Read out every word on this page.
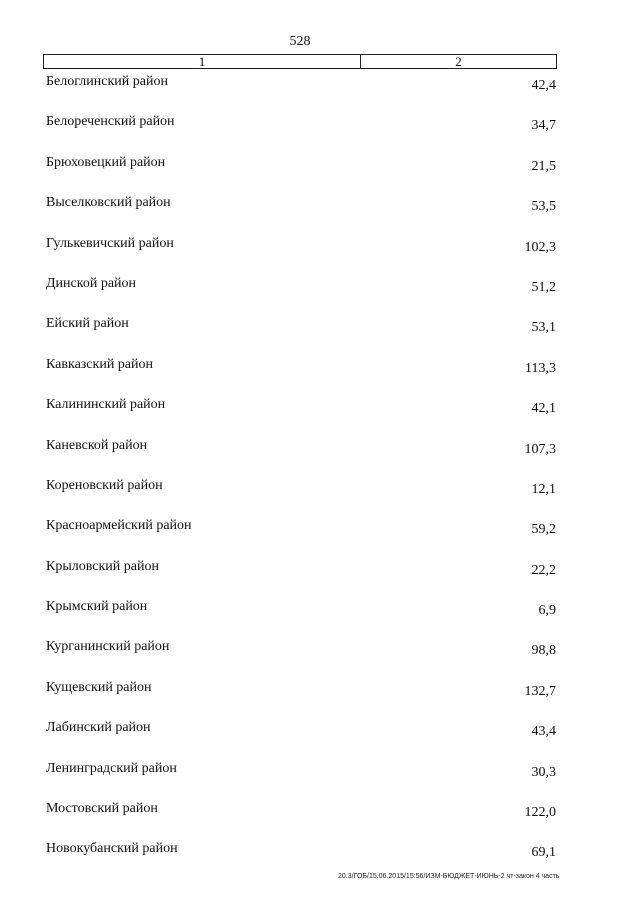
528
1	2
Белоглинский район	42,4
Белореченский район	34,7
Брюховецкий район	21,5
Выселковский район	53,5
Гулькевичский район	102,3
Динской район	51,2
Ейский район	53,1
Кавказский район	113,3
Калининский район	42,1
Каневской район	107,3
Кореновский район	12,1
Красноармейский район	59,2
Крыловский район	22,2
Крымский район	6,9
Курганинский район	98,8
Кущевский район	132,7
Лабинский район	43,4
Ленинградский район	30,3
Мостовский район	122,0
Новокубанский район	69,1
20.3/ГОБ/15.06.2015/15:56/ИЗМ-БЮДЖЕТ-ИЮНЬ-2 чт-закон 4 часть
